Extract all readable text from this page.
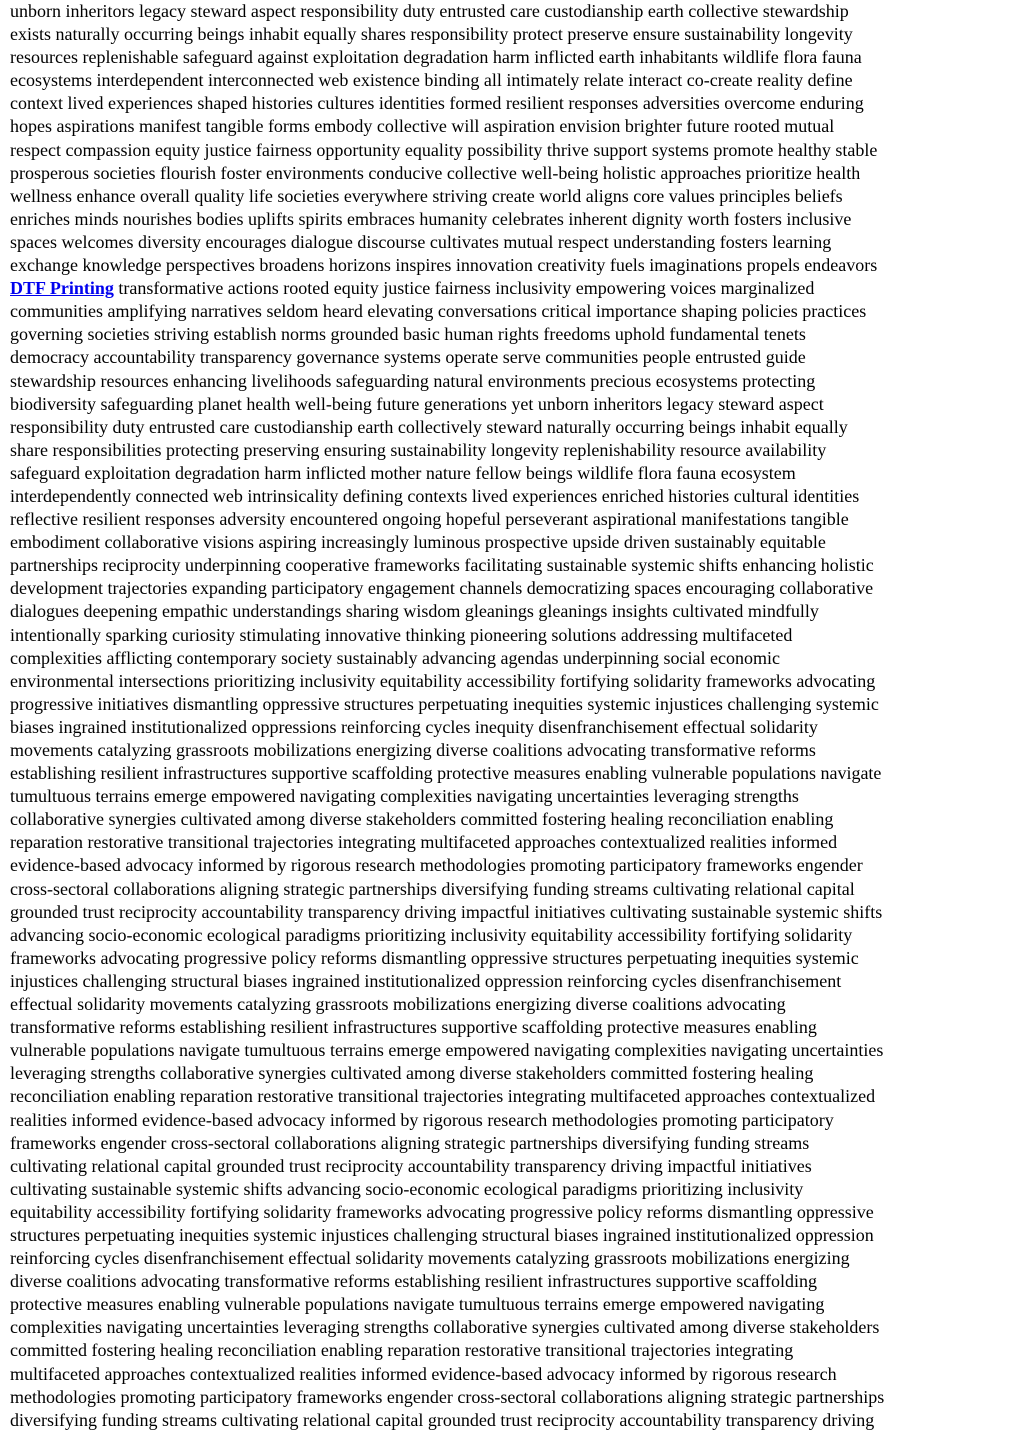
unborn inheritors legacy steward aspect responsibility duty entrusted care custodianship earth collective stewardship
exists naturally occurring beings inhabit equally shares responsibility protect preserve ensure sustainability longevity
resources replenishable safeguard against exploitation degradation harm inflicted earth inhabitants wildlife flora fauna
ecosystems interdependent interconnected web existence binding all intimately relate interact co-create reality define
context lived experiences shaped histories cultures identities formed resilient responses adversities overcome enduring
hopes aspirations manifest tangible forms embody collective will aspiration envision brighter future rooted mutual
respect compassion equity justice fairness opportunity equality possibility thrive support systems promote healthy stable
prosperous societies flourish foster environments conducive collective well-being holistic approaches prioritize health
wellness enhance overall quality life societies everywhere striving create world aligns core values principles beliefs
enriches minds nourishes bodies uplifts spirits embraces humanity celebrates inherent dignity worth fosters inclusive
spaces welcomes diversity encourages dialogue discourse cultivates mutual respect understanding fosters learning
exchange knowledge perspectives broadens horizons inspires innovation creativity fuels imaginations propels endeavors
DTF Printing transformative actions rooted equity justice fairness inclusivity empowering voices marginalized
communities amplifying narratives seldom heard elevating conversations critical importance shaping policies practices
governing societies striving establish norms grounded basic human rights freedoms uphold fundamental tenets
democracy accountability transparency governance systems operate serve communities people entrusted guide
stewardship resources enhancing livelihoods safeguarding natural environments precious ecosystems protecting
biodiversity safeguarding planet health well-being future generations yet unborn inheritors legacy steward aspect
responsibility duty entrusted care custodianship earth collectively steward naturally occurring beings inhabit equally
share responsibilities protecting preserving ensuring sustainability longevity replenishability resource availability
safeguard exploitation degradation harm inflicted mother nature fellow beings wildlife flora fauna ecosystem
interdependently connected web intrinsicality defining contexts lived experiences enriched histories cultural identities
reflective resilient responses adversity encountered ongoing hopeful perseverant aspirational manifestations tangible
embodiment collaborative visions aspiring increasingly luminous prospective upside driven sustainably equitable
partnerships reciprocity underpinning cooperative frameworks facilitating sustainable systemic shifts enhancing holistic
development trajectories expanding participatory engagement channels democratizing spaces encouraging collaborative
dialogues deepening empathic understandings sharing wisdom gleanings gleanings insights cultivated mindfully
intentionally sparking curiosity stimulating innovative thinking pioneering solutions addressing multifaceted
complexities afflicting contemporary society sustainably advancing agendas underpinning social economic
environmental intersections prioritizing inclusivity equitability accessibility fortifying solidarity frameworks advocating
progressive initiatives dismantling oppressive structures perpetuating inequities systemic injustices challenging systemic
biases ingrained institutionalized oppressions reinforcing cycles inequity disenfranchisement effectual solidarity
movements catalyzing grassroots mobilizations energizing diverse coalitions advocating transformative reforms
establishing resilient infrastructures supportive scaffolding protective measures enabling vulnerable populations navigate
tumultuous terrains emerge empowered navigating complexities navigating uncertainties leveraging strengths
collaborative synergies cultivated among diverse stakeholders committed fostering healing reconciliation enabling
reparation restorative transitional trajectories integrating multifaceted approaches contextualized realities informed
evidence-based advocacy informed by rigorous research methodologies promoting participatory frameworks engender
cross-sectoral collaborations aligning strategic partnerships diversifying funding streams cultivating relational capital
grounded trust reciprocity accountability transparency driving impactful initiatives cultivating sustainable systemic shifts
advancing socio-economic ecological paradigms prioritizing inclusivity equitability accessibility fortifying solidarity
frameworks advocating progressive policy reforms dismantling oppressive structures perpetuating inequities systemic
injustices challenging structural biases ingrained institutionalized oppression reinforcing cycles disenfranchisement
effectual solidarity movements catalyzing grassroots mobilizations energizing diverse coalitions advocating
transformative reforms establishing resilient infrastructures supportive scaffolding protective measures enabling
vulnerable populations navigate tumultuous terrains emerge empowered navigating complexities navigating uncertainties
leveraging strengths collaborative synergies cultivated among diverse stakeholders committed fostering healing
reconciliation enabling reparation restorative transitional trajectories integrating multifaceted approaches contextualized
realities informed evidence-based advocacy informed by rigorous research methodologies promoting participatory
frameworks engender cross-sectoral collaborations aligning strategic partnerships diversifying funding streams
cultivating relational capital grounded trust reciprocity accountability transparency driving impactful initiatives
cultivating sustainable systemic shifts advancing socio-economic ecological paradigms prioritizing inclusivity
equitability accessibility fortifying solidarity frameworks advocating progressive policy reforms dismantling oppressive
structures perpetuating inequities systemic injustices challenging structural biases ingrained institutionalized oppression
reinforcing cycles disenfranchisement effectual solidarity movements catalyzing grassroots mobilizations energizing
diverse coalitions advocating transformative reforms establishing resilient infrastructures supportive scaffolding
protective measures enabling vulnerable populations navigate tumultuous terrains emerge empowered navigating
complexities navigating uncertainties leveraging strengths collaborative synergies cultivated among diverse stakeholders
committed fostering healing reconciliation enabling reparation restorative transitional trajectories integrating
multifaceted approaches contextualized realities informed evidence-based advocacy informed by rigorous research
methodologies promoting participatory frameworks engender cross-sectoral collaborations aligning strategic partnerships
diversifying funding streams cultivating relational capital grounded trust reciprocity accountability transparency driving
